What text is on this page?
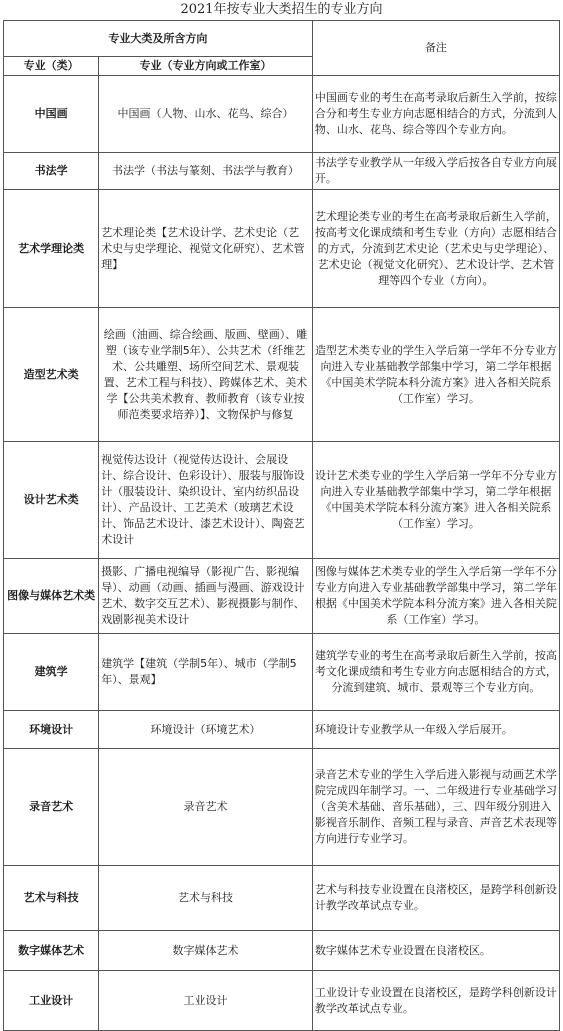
2021年按专业大类招生的专业方向
专业大类及所含方向		备注
专业（类）	专业（专业方向或工作室）	
中国画	中国画（人物、山水、花鸟、综合）	中国画专业的考生在高考录取后新生入学前，按综合分和考生专业方向志愿相结合的方式，分流到人物、山水、花鸟、综合等四个专业方向。
书法学	书法学（书法与篆刻、书法学与教育）	书法学专业教学从一年级入学后按各自专业方向展开。
艺术学理论类	艺术理论类【艺术设计学、艺术史论（艺术史与史学理论、视觉文化研究）、艺术管理】	艺术理论类专业的考生在高考录取后新生入学前，按高考文化课成绩和考生专业（方向）志愿相结合的方式，分流到艺术史论（艺术史与史学理论）、艺术史论（视觉文化研究）、艺术设计学、艺术管理等四个专业（方向）。
造型艺术类	绘画（油画、综合绘画、版画、壁画）、雕塑（该专业学制5年）、公共艺术（纤维艺术、公共雕塑、场所空间艺术、景观装置、艺术工程与科技）、跨媒体艺术、美术学【公共美术教育、教师教育（该专业按师范类要求培养）】、文物保护与修复	造型艺术类专业的学生入学后第一学年不分专业方向进入专业基础教学部集中学习，第二学年根据《中国美术学院本科分流方案》进入各相关院系（工作室）学习。
设计艺术类	视觉传达设计（视觉传达设计、会展设计、综合设计、色彩设计）、服装与服饰设计（服装设计、染织设计、室内纺织品设计）、产品设计、工艺美术（玻璃艺术设计、饰品艺术设计、漆艺术设计）、陶瓷艺术设计	设计艺术类专业的学生入学后第一学年不分专业方向进入专业基础教学部集中学习，第二学年根据《中国美术学院本科分流方案》进入各相关院系（工作室）学习。
图像与媒体艺术类	摄影、广播电视编导（影视广告、影视编导）、动画（动画、插画与漫画、游戏设计艺术、数字交互艺术）、影视摄影与制作、戏剧影视美术设计	图像与媒体艺术类专业的学生入学后第一学年不分专业方向进入专业基础教学部集中学习，第二学年根据《中国美术学院本科分流方案》进入各相关院系（工作室）学习。
建筑学	建筑学【建筑（学制5年）、城市（学制5年）、景观】	建筑学专业的考生在高考录取后新生入学前，按高考文化课成绩和考生专业方向志愿相结合的方式，分流到建筑、城市、景观等三个专业方向。
环境设计	环境设计（环境艺术）	环境设计专业教学从一年级入学后展开。
录音艺术	录音艺术	录音艺术专业的学生入学后进入影视与动画艺术学院完成四年制学习。一、二年级进行专业基础学习（含美术基础、音乐基础），三、四年级分别进入影视音乐制作、音频工程与录音、声音艺术表现等方向进行专业学习。
艺术与科技	艺术与科技	艺术与科技专业设置在良渚校区，是跨学科创新设计教学改革试点专业。
数字媒体艺术	数字媒体艺术	数字媒体艺术专业设置在良渚校区。
工业设计	工业设计	工业设计专业设置在良渚校区，是跨学科创新设计教学改革试点专业。
